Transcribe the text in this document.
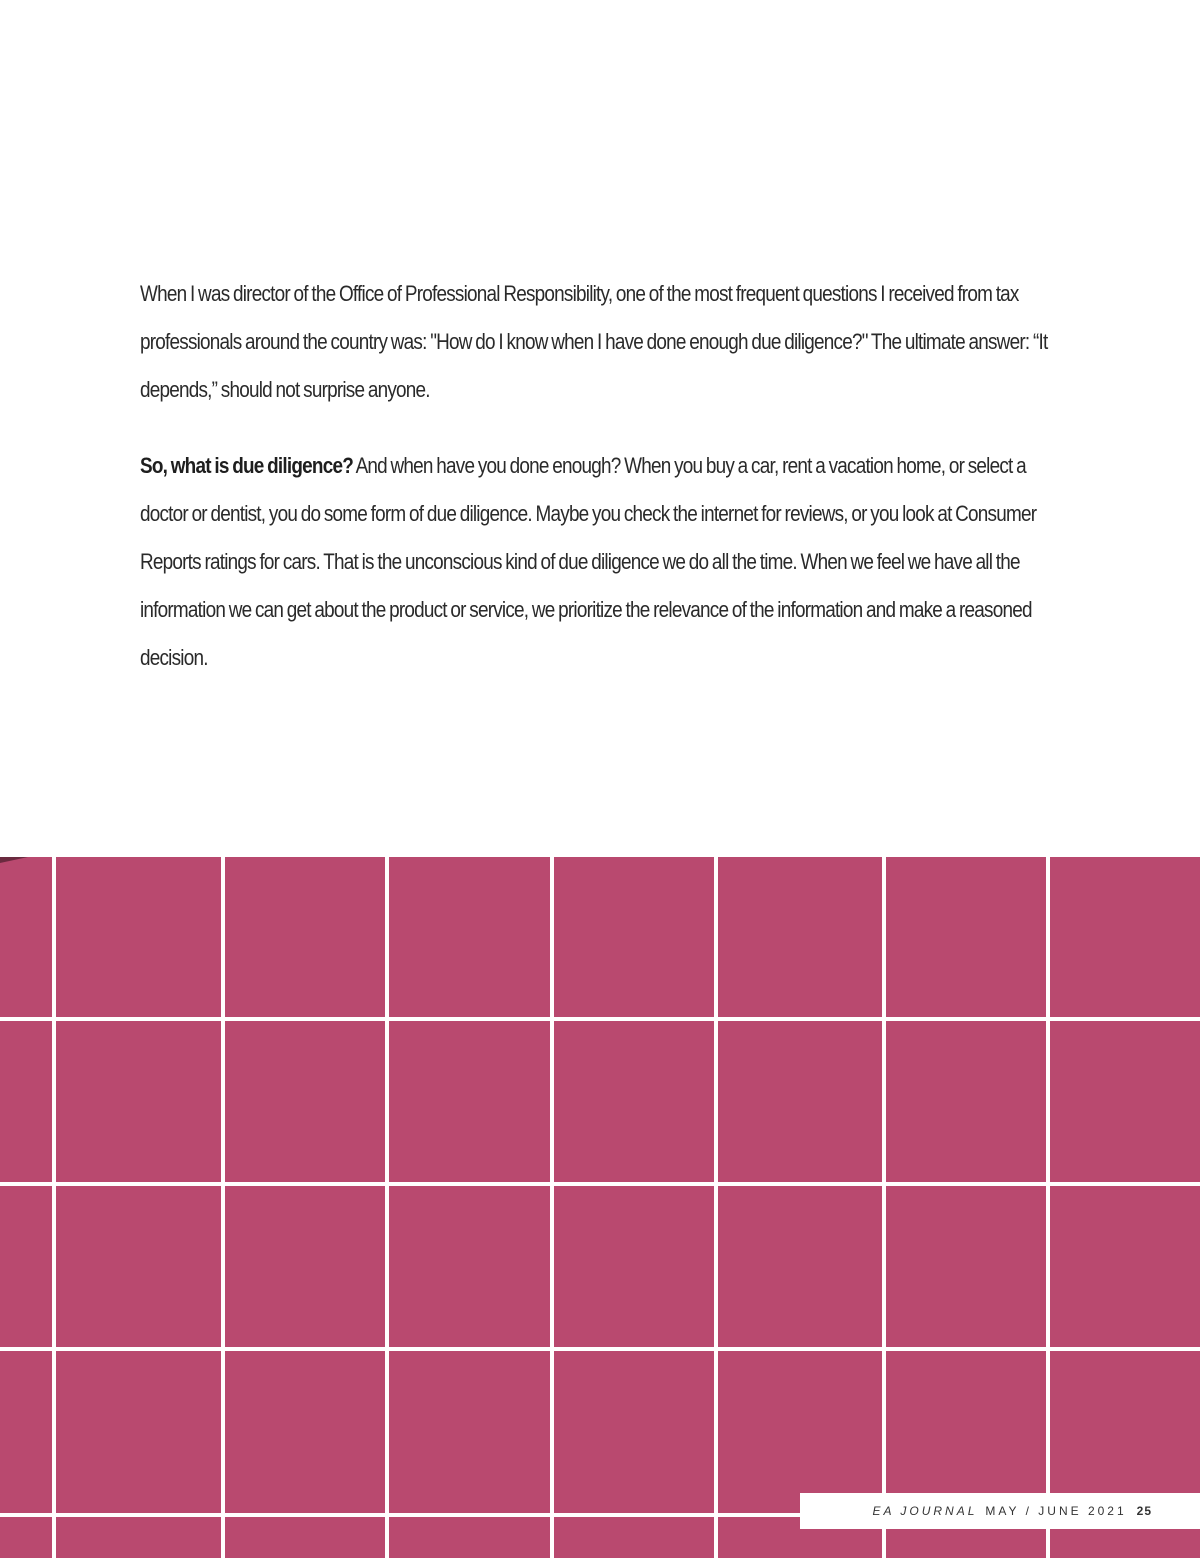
When I was director of the Office of Professional Responsibility, one of the most frequent questions I received from tax professionals around the country was: "How do I know when I have done enough due diligence?" The ultimate answer: “It depends,” should not surprise anyone.

So, what is due diligence? And when have you done enough? When you buy a car, rent a vacation home, or select a doctor or dentist, you do some form of due diligence. Maybe you check the internet for reviews, or you look at Consumer Reports ratings for cars. That is the unconscious kind of due diligence we do all the time. When we feel we have all the information we can get about the product or service, we prioritize the relevance of the information and make a reasoned decision.

EA JOURNAL MAY / JUNE 2021 25
